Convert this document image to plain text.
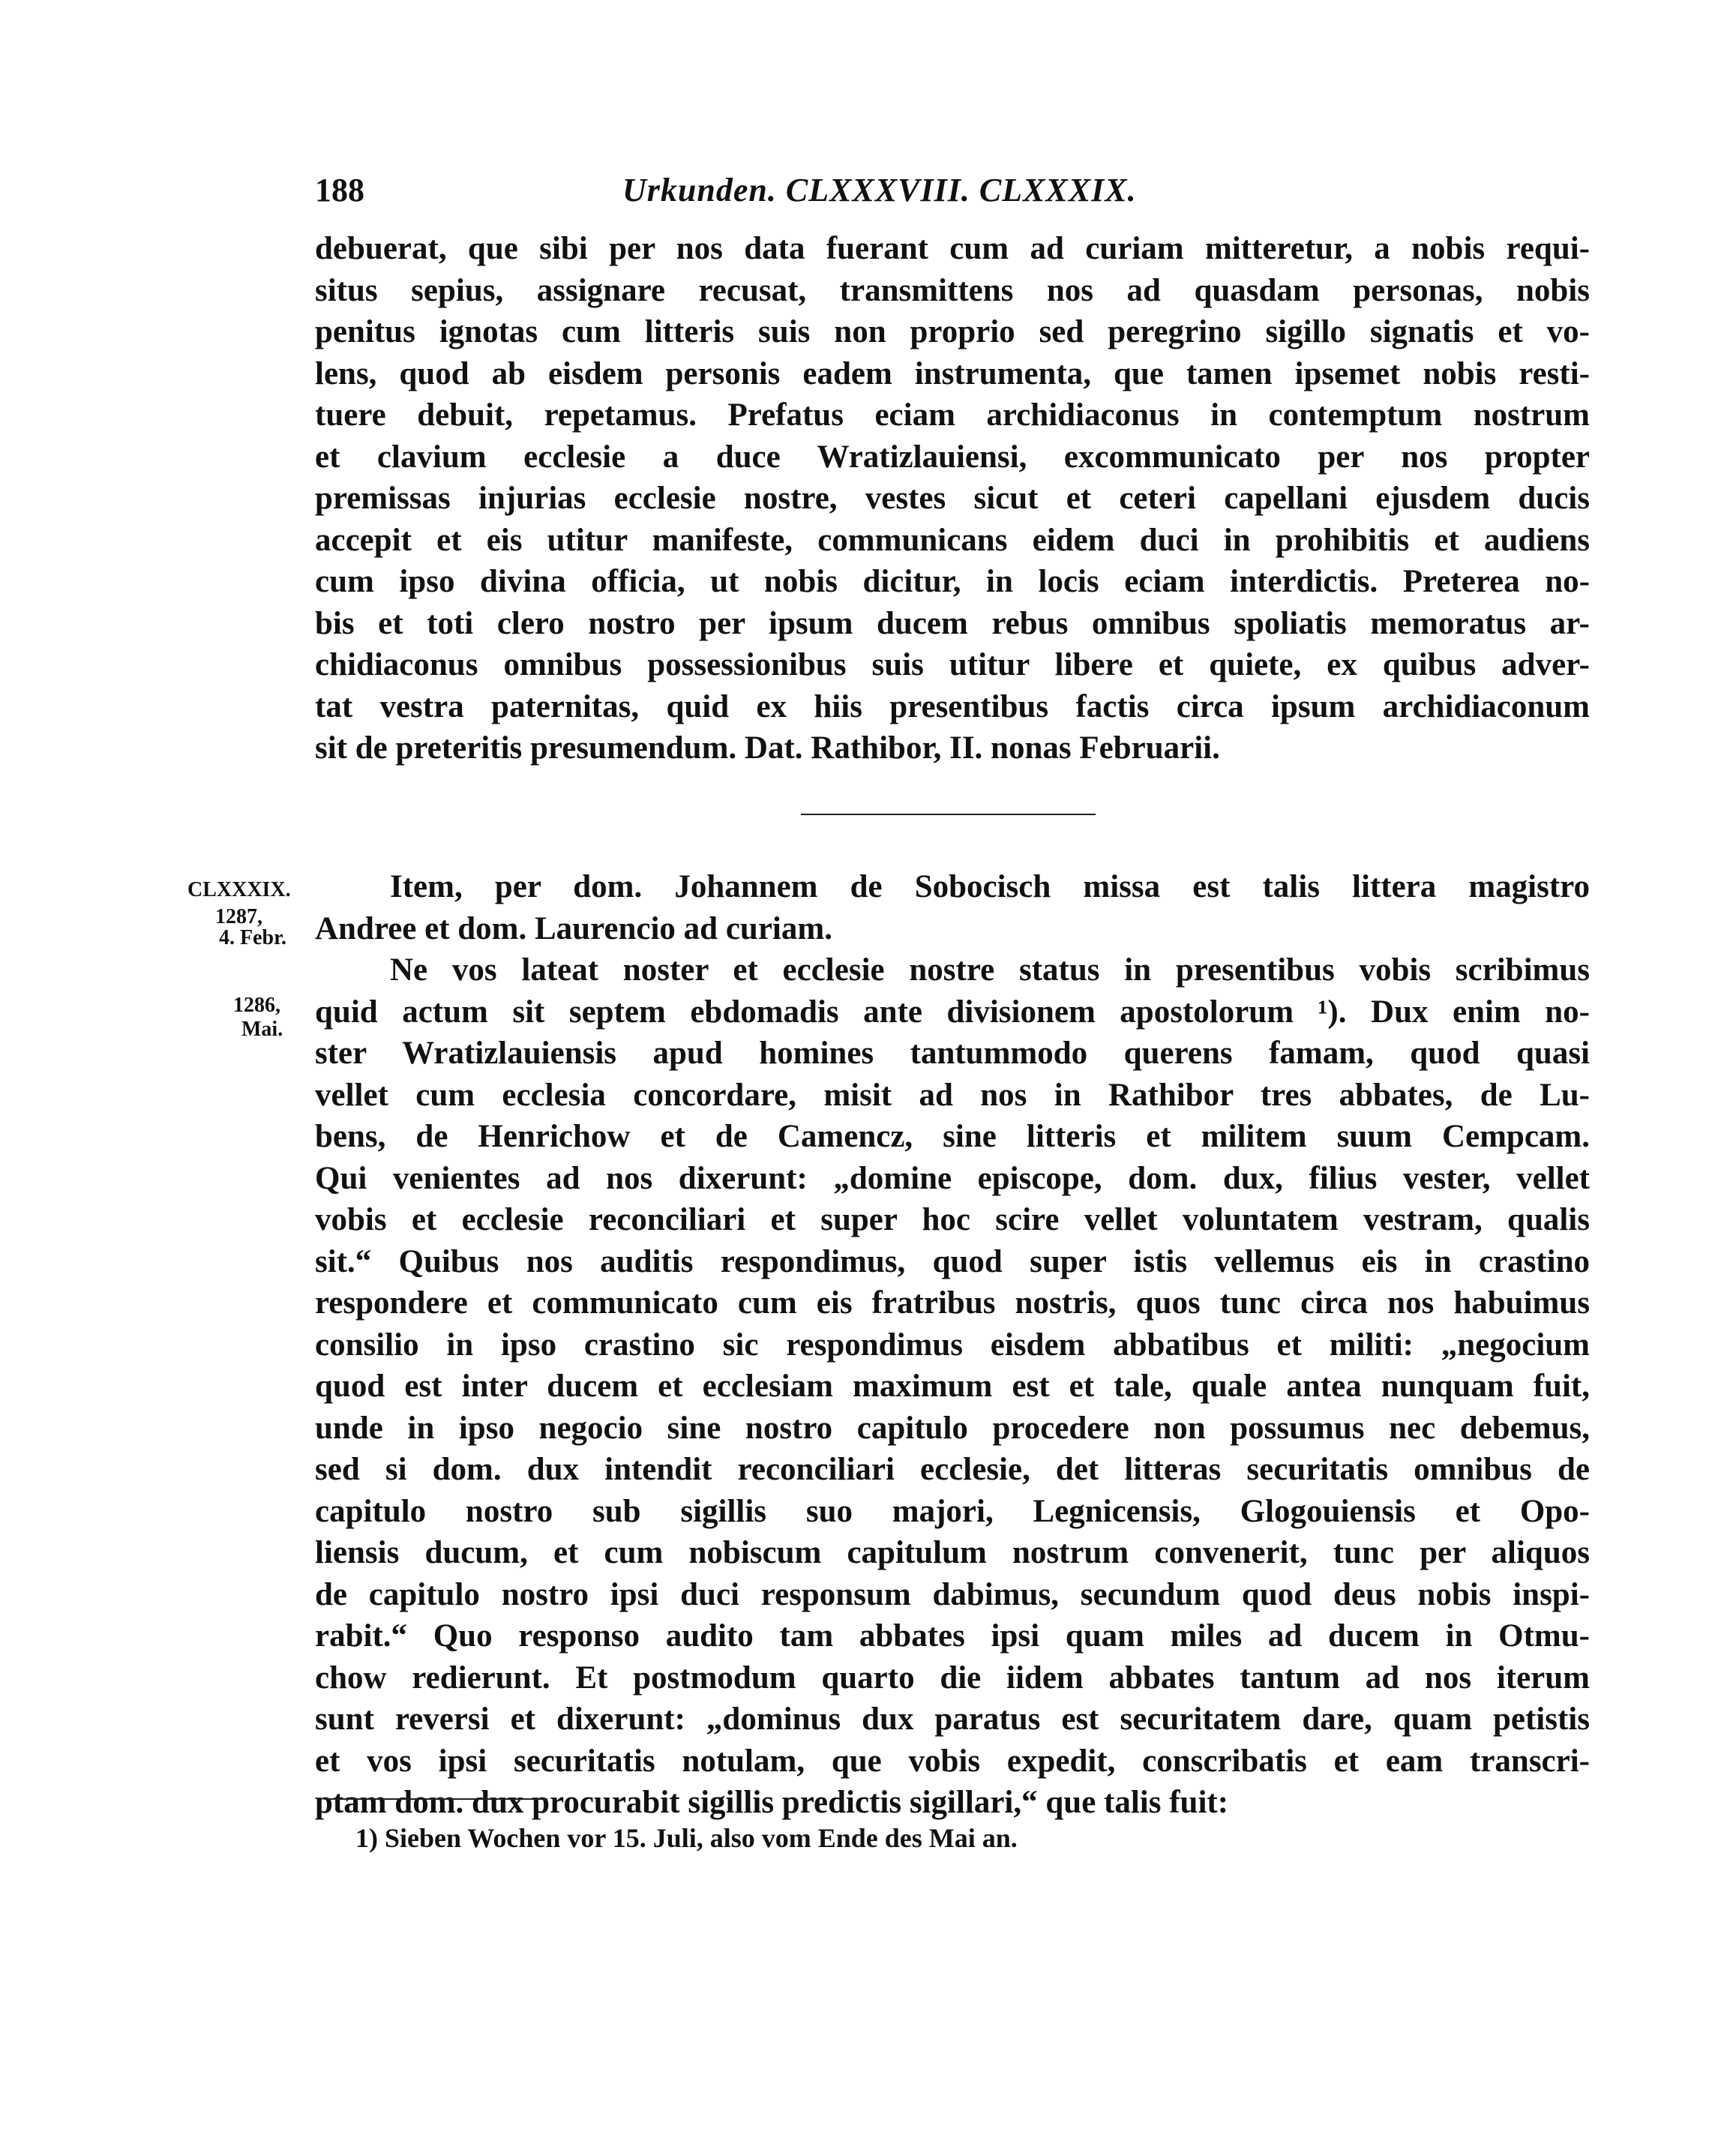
188	Urkunden. CLXXXVIII. CLXXXIX.
debuerat, que sibi per nos data fuerant cum ad curiam mitteretur, a nobis requi-
situs sepius, assignare recusat, transmittens nos ad quasdam personas, nobis
penitus ignotas cum litteris suis non proprio sed peregrino sigillo signatis et vo-
lens, quod ab eisdem personis eadem instrumenta, que tamen ipsemet nobis resti-
tuere debuit, repetamus. Prefatus eciam archidiaconus in contemptum nostrum
et clavium ecclesie a duce Wratizlauiensi, excommunicato per nos propter
premissas injurias ecclesie nostre, vestes sicut et ceteri capellani ejusdem ducis
accepit et eis utitur manifeste, communicans eidem duci in prohibitis et audiens
cum ipso divina officia, ut nobis dicitur, in locis eciam interdictis. Preterea no-
bis et toti clero nostro per ipsum ducem rebus omnibus spoliatis memoratus ar-
chidiaconus omnibus possessionibus suis utitur libere et quiete, ex quibus adver-
tat vestra paternitas, quid ex hiis presentibus factis circa ipsum archidiaconum
sit de preteritis presumendum. Dat. Rathibor, II. nonas Februarii.
CLXXXIX.
1287,
4. Febr.
1286,
Mai.
Item, per dom. Johannem de Sobocisch missa est talis littera magistro
Andree et dom. Laurencio ad curiam.
Ne vos lateat noster et ecclesie nostre status in presentibus vobis scribimus
quid actum sit septem ebdomadis ante divisionem apostolorum ¹). Dux enim no-
ster Wratizlauiensis apud homines tantummodo querens famam, quod quasi
vellet cum ecclesia concordare, misit ad nos in Rathibor tres abbates, de Lu-
bens, de Henrichow et de Camencz, sine litteris et militem suum Cempcam.
Qui venientes ad nos dixerunt: „domine episcope, dom. dux, filius vester, vellet
vobis et ecclesie reconciliari et super hoc scire vellet voluntatem vestram, qualis
sit.“ Quibus nos auditis respondimus, quod super istis vellemus eis in crastino
respondere et communicato cum eis fratribus nostris, quos tunc circa nos habuimus
consilio in ipso crastino sic respondimus eisdem abbatibus et militi: „negocium
quod est inter ducem et ecclesiam maximum est et tale, quale antea nunquam fuit,
unde in ipso negocio sine nostro capitulo procedere non possumus nec debemus,
sed si dom. dux intendit reconciliari ecclesie, det litteras securitatis omnibus de
capitulo nostro sub sigillis suo majori, Legnicensis, Glogouiensis et Opo-
liensis ducum, et cum nobiscum capitulum nostrum convenerit, tunc per aliquos
de capitulo nostro ipsi duci responsum dabimus, secundum quod deus nobis inspi-
rabit.“ Quo responso audito tam abbates ipsi quam miles ad ducem in Otmu-
chow redierunt. Et postmodum quarto die iidem abbates tantum ad nos iterum
sunt reversi et dixerunt: „dominus dux paratus est securitatem dare, quam petistis
et vos ipsi securitatis notulam, que vobis expedit, conscribatis et eam transcri-
ptam dom. dux procurabit sigillis predictis sigillari,“ que talis fuit:
1) Sieben Wochen vor 15. Juli, also vom Ende des Mai an.
